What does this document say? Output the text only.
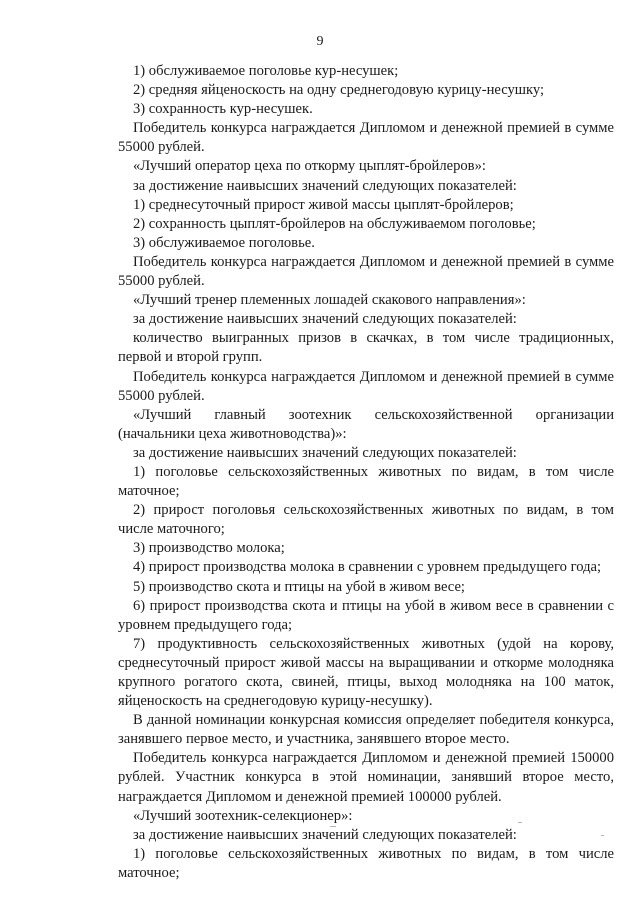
9

1) обслуживаемое поголовье кур-несушек;

2) средняя яйценоскость на одну среднегодовую курицу-несушку;

3) сохранность кур-несушек.

Победитель конкурса награждается Дипломом и денежной премией в сумме 55000 рублей.

«Лучший оператор цеха по откорму цыплят-бройлеров»:

за достижение наивысших значений следующих показателей:

1) среднесуточный прирост живой массы цыплят-бройлеров;

2) сохранность цыплят-бройлеров на обслуживаемом поголовье;

3) обслуживаемое поголовье.

Победитель конкурса награждается Дипломом и денежной премией в сумме 55000 рублей.

«Лучший тренер племенных лошадей скакового направления»:

за достижение наивысших значений следующих показателей:

количество выигранных призов в скачках, в том числе традиционных, первой и второй групп.

Победитель конкурса награждается Дипломом и денежной премией в сумме 55000 рублей.

«Лучший главный зоотехник сельскохозяйственной организации (начальники цеха животноводства)»:

за достижение наивысших значений следующих показателей:

1) поголовье сельскохозяйственных животных по видам, в том числе маточное;

2) прирост поголовья сельскохозяйственных животных по видам, в том числе маточного;

3) производство молока;

4) прирост производства молока в сравнении с уровнем предыдущего года;

5) производство скота и птицы на убой в живом весе;

6) прирост производства скота и птицы на убой в живом весе в сравнении с уровнем предыдущего года;

7) продуктивность сельскохозяйственных животных (удой на корову, среднесуточный прирост живой массы на выращивании и откорме молодняка крупного рогатого скота, свиней, птицы, выход молодняка на 100 маток, яйценоскость на среднегодовую курицу-несушку).

В данной номинации конкурсная комиссия определяет победителя конкурса, занявшего первое место, и участника, занявшего второе место.

Победитель конкурса награждается Дипломом и денежной премией 150000 рублей. Участник конкурса в этой номинации, занявший второе место, награждается Дипломом и денежной премией 100000 рублей.

«Лучший зоотехник-селекционер»:

за достижение наивысших значений следующих показателей:

1) поголовье сельскохозяйственных животных по видам, в том числе маточное;
